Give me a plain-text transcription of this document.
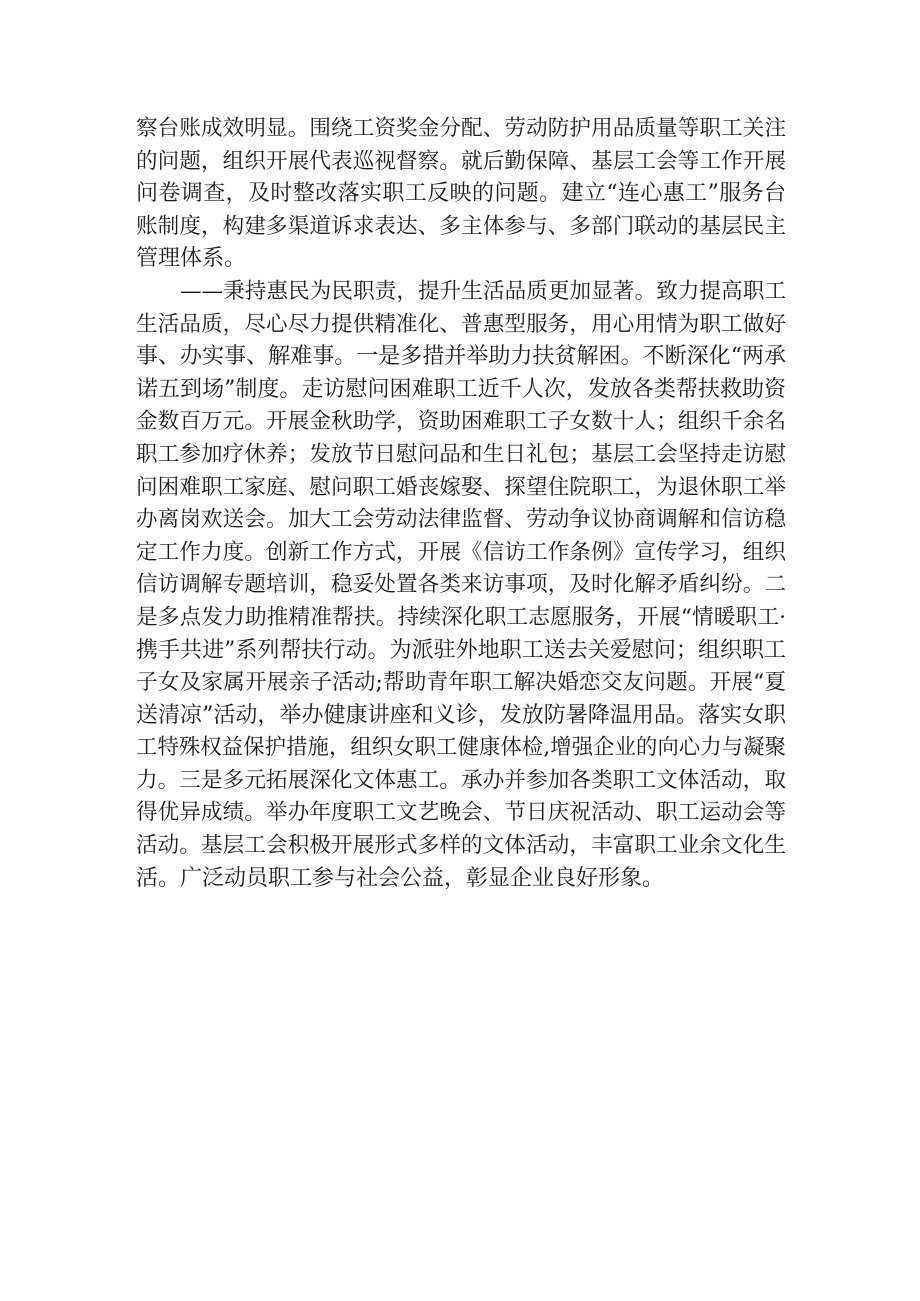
察台账成效明显。围绕工资奖金分配、劳动防护用品质量等职工关注
的问题，组织开展代表巡视督察。就后勤保障、基层工会等工作开展
问卷调查，及时整改落实职工反映的问题。建立“连心惠工”服务台
账制度，构建多渠道诉求表达、多主体参与、多部门联动的基层民主
管理体系。
——秉持惠民为民职责，提升生活品质更加显著。致力提高职工
生活品质，尽心尽力提供精准化、普惠型服务，用心用情为职工做好
事、办实事、解难事。一是多措并举助力扶贫解困。不断深化“两承
诺五到场”制度。走访慰问困难职工近千人次，发放各类帮扶救助资
金数百万元。开展金秋助学，资助困难职工子女数十人；组织千余名
职工参加疗休养；发放节日慰问品和生日礼包；基层工会坚持走访慰
问困难职工家庭、慰问职工婚丧嫁娶、探望住院职工，为退休职工举
办离岗欢送会。加大工会劳动法律监督、劳动争议协商调解和信访稳
定工作力度。创新工作方式，开展《信访工作条例》宣传学习，组织
信访调解专题培训，稳妥处置各类来访事项，及时化解矛盾纠纷。二
是多点发力助推精准帮扶。持续深化职工志愿服务，开展“情暖职工·
携手共进”系列帮扶行动。为派驻外地职工送去关爱慰问；组织职工
子女及家属开展亲子活动;帮助青年职工解决婚恋交友问题。开展“夏
送清凉”活动，举办健康讲座和义诊，发放防暑降温用品。落实女职
工特殊权益保护措施，组织女职工健康体检,增强企业的向心力与凝聚
力。三是多元拓展深化文体惠工。承办并参加各类职工文体活动，取
得优异成绩。举办年度职工文艺晚会、节日庆祝活动、职工运动会等
活动。基层工会积极开展形式多样的文体活动，丰富职工业余文化生
活。广泛动员职工参与社会公益，彰显企业良好形象。
